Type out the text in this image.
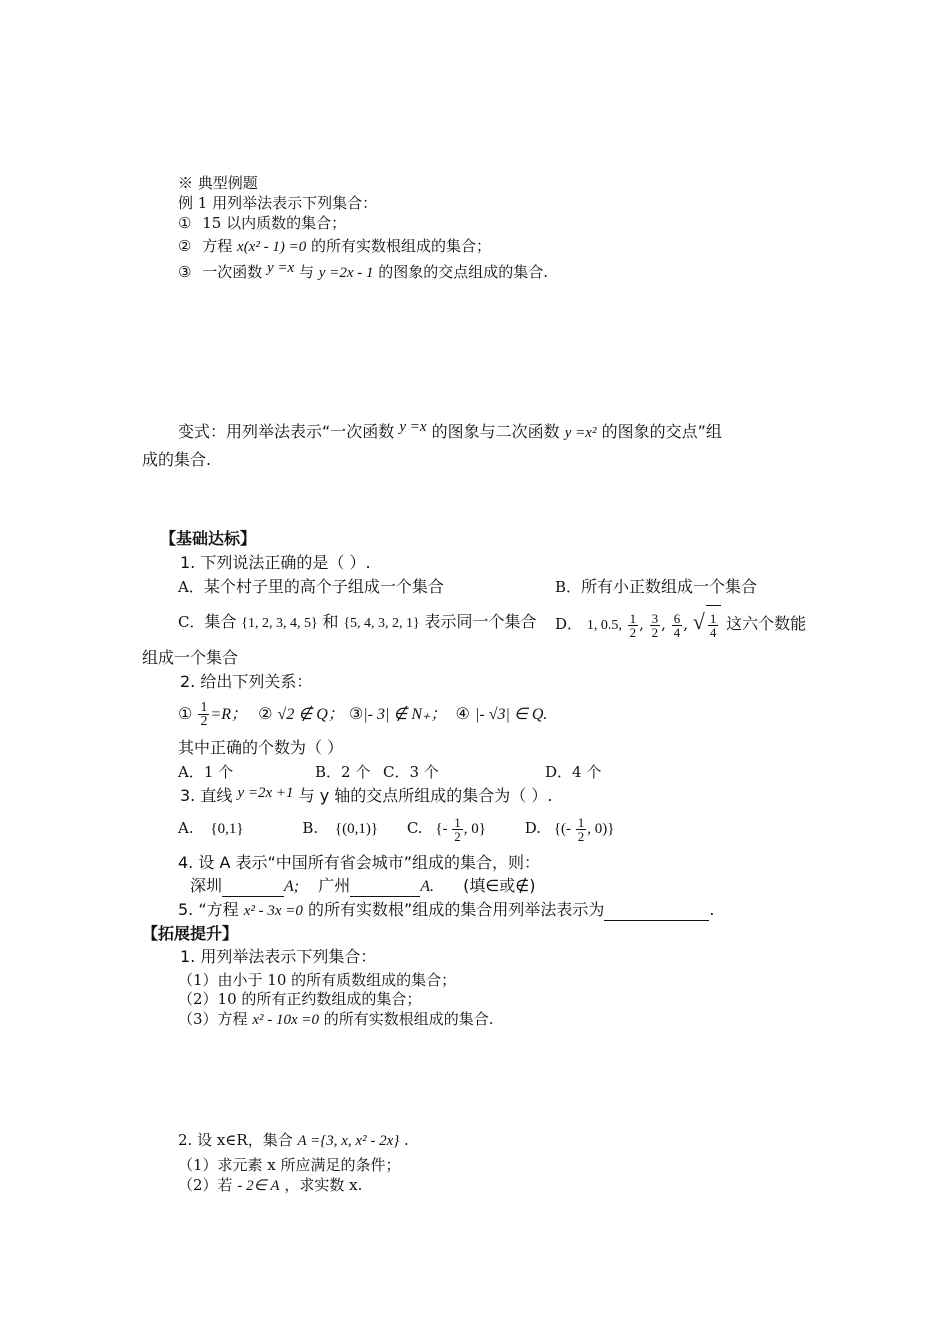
※ 典型例题
例 1 用列举法表示下列集合：
① 15 以内质数的集合；
② 方程 x(x² - 1) =0 的所有实数根组成的集合；
③ 一次函数 y =x 与 y =2x - 1 的图象的交点组成的集合.
变式：用列举法表示“一次函数 y =x 的图象与二次函数 y =x² 的图象的交点”组
成的集合.
【基础达标】
1. 下列说法正确的是（ ）.
A．某个村子里的高个子组成一个集合	B．所有小正数组成一个集合
C．集合 {1, 2, 3, 4, 5} 和 {5, 4, 3, 2, 1} 表示同一个集合 D． 1, 0.5, $\frac{1}{2}$ , $\frac{3}{2}$ , $\frac{6}{4}$ , √ $\frac{1}{4}$ 这六个数能
组成一个集合
2. 给出下列关系：
① $\frac{1}{2} =R$； ② √2 ∉ Q； ③|- 3| ∉ N₊； ④ |- √3| ∈ Q.
其中正确的个数为（ ）
A．1 个	B．2 个 C．3 个	D．4 个
3. 直线 y =2x +1 与 y 轴的交点所组成的集合为（ ）.
A. {0,1}	B. {(0,1)} C. {- $\frac{1}{2}$ , 0}	D. {(- $\frac{1}{2}$ , 0)}
4. 设 A 表示“中国所有省会城市”组成的集合，则：
深圳	A; 广州	A. (填∈或∉)
5. “方程 x² - 3x =0 的所有实数根”组成的集合用列举法表示为	.
【拓展提升】
1. 用列举法表示下列集合：
（1）由小于 10 的所有质数组成的集合；
（2）10 的所有正约数组成的集合；
（3）方程 x² - 10x =0 的所有实数根组成的集合.
2. 设 x∈R，集合 A ={3, x, x² - 2x} .
（1）求元素 x 所应满足的条件；
（2）若 - 2∈ A ，求实数 x.
